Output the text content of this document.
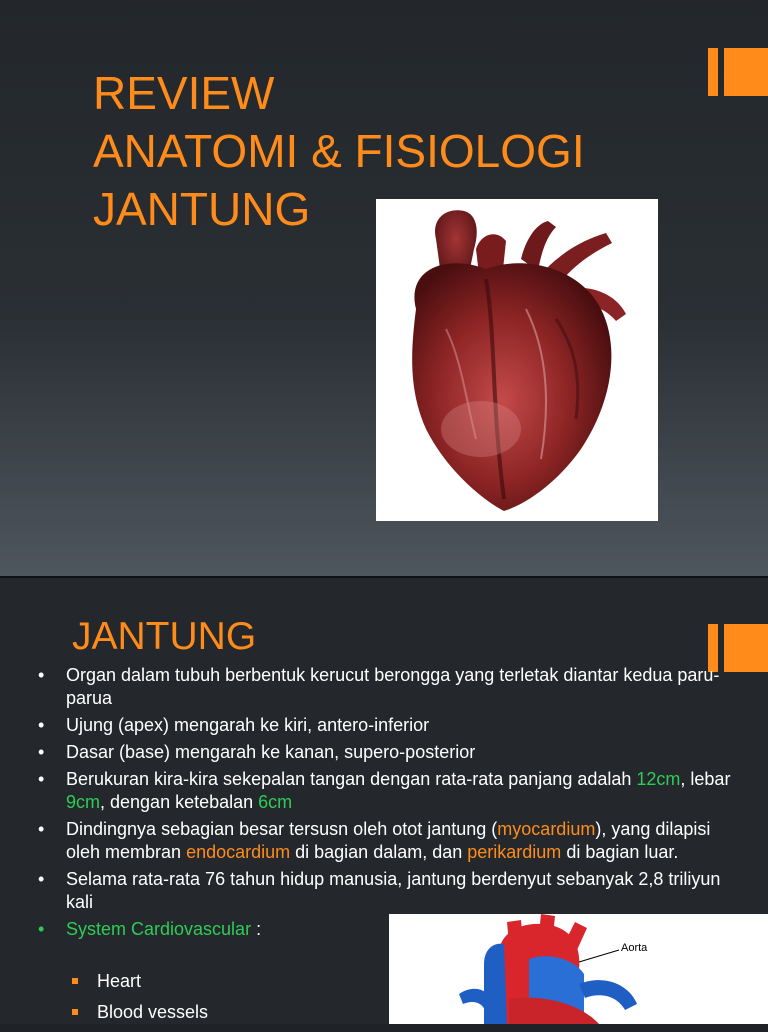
REVIEW
ANATOMI & FISIOLOGI
JANTUNG
JANTUNG
• Organ dalam tubuh berbentuk kerucut berongga yang terletak diantar kedua paru-parua
• Ujung (apex) mengarah ke kiri, antero-inferior
• Dasar (base) mengarah ke kanan, supero-posterior
• Berukuran kira-kira sekepalan tangan dengan rata-rata panjang adalah 12cm, lebar 9cm, dengan ketebalan 6cm
• Dindingnya sebagian besar tersusn oleh otot jantung (myocardium), yang dilapisi oleh membran endocardium di bagian dalam, dan perikardium di bagian luar.
• Selama rata-rata 76 tahun hidup manusia, jantung berdenyut sebanyak 2,8 triliyun kali
• System Cardiovascular :
Heart
Blood vessels
Aorta
